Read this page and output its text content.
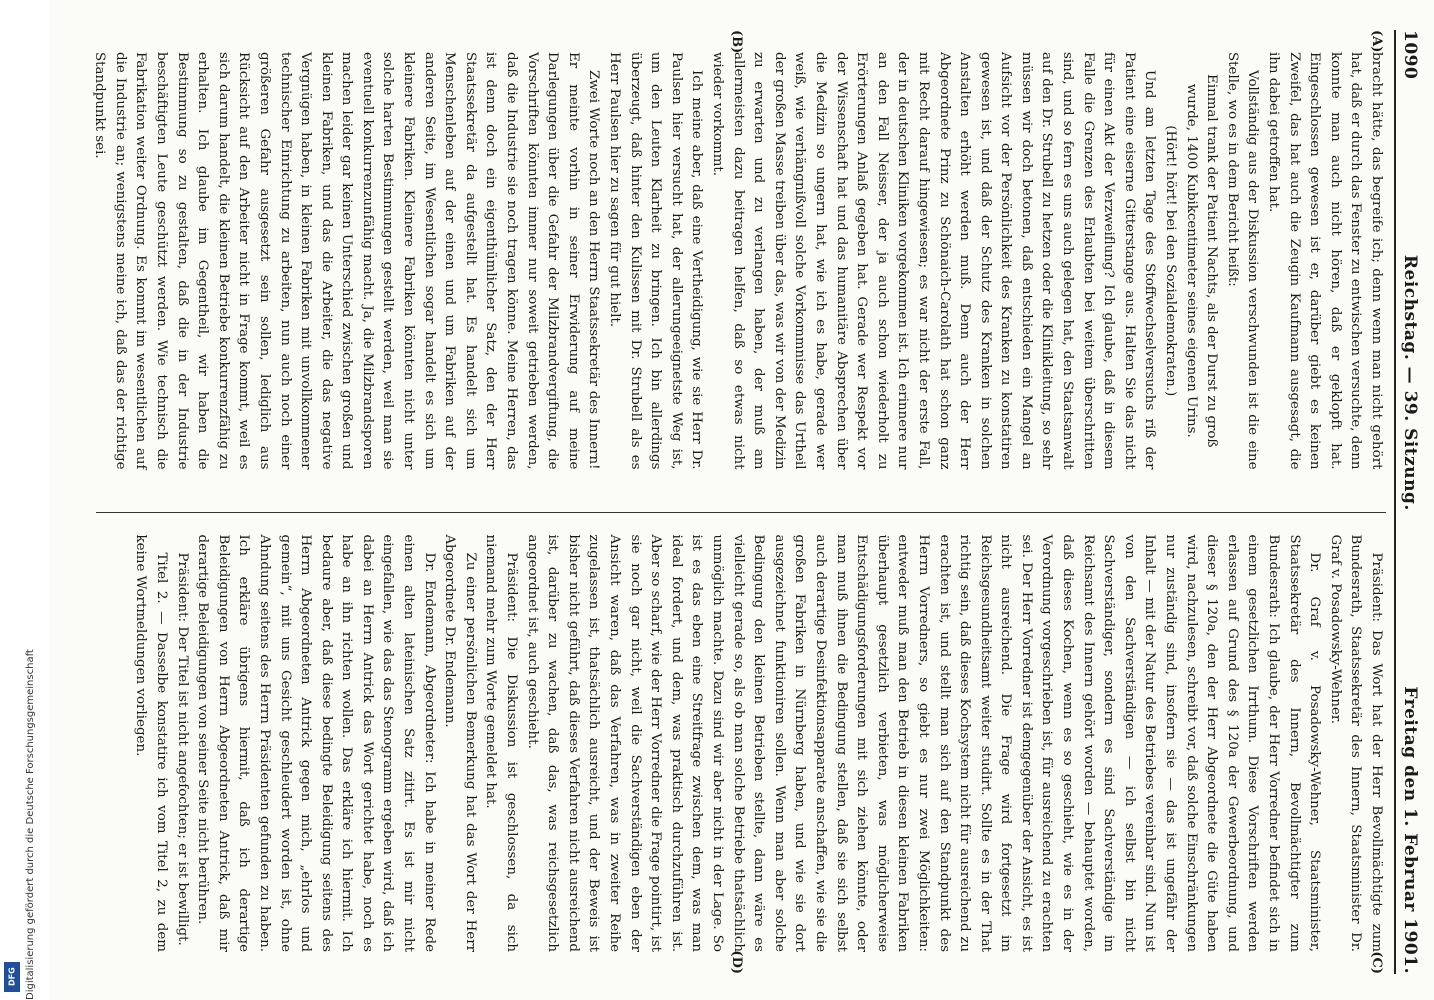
Digitalisierung gefördert durch die Deutsche Forschungsgemeinschaft
DFG
1090
Reichstag. — 39. Sitzung.
Freitag den 1. Februar 1901.
(A)
(B)

bracht hätte, das begreife ich; denn wenn man nicht gehört hat, daß er durch das Fenster zu entwischen versuchte, denn konnte man auch nicht hören, daß er geklopft hat. Eingeschlossen gewesen ist er, darüber giebt es keinen Zweifel, das hat auch die Zeugin Kaufmann ausgesagt, die ihn dabei getroffen hat.

Vollständig aus der Diskussion verschwunden ist die eine Stelle, wo es in dem Bericht heißt:

Einmal trank der Patient Nachts, als der Durst zu groß wurde, 1400 Kubikcentimeter seines eigenen Urins.

(Hört! hört! bei den Sozialdemokraten.)

Und am letzten Tage des Stoffwechselversuchs riß der Patient eine eiserne Gitterstange aus. Halten Sie das nicht für einen Akt der Verzweiflung? Ich glaube, daß in diesem Falle die Grenzen des Erlaubten bei weitem überschritten sind, und so fern es uns auch gelegen hat, den Staatsanwalt auf den Dr. Strubell zu hetzen oder die Klinikleitung, so sehr müssen wir doch betonen, daß entschieden ein Mangel an Aufsicht vor der Persönlichkeit des Kranken zu konstatiren gewesen ist, und daß der Schutz des Kranken in solchen Anstalten erhöht werden muß. Denn auch der Herr Abgeordnete Prinz zu Schönaich-Carolath hat schon ganz mit Recht darauf hingewiesen; es war nicht der erste Fall, der in deutschen Kliniken vorgekommen ist. Ich erinnere nur an den Fall Neisser, der ja auch schon wiederholt zu Erörterungen Anlaß gegeben hat. Gerade wer Respekt vor der Wissenschaft hat und das humanitäre Absprechen über die Medizin so ungern hat, wie ich es habe, gerade wer weiß, wie verhängnißvoll solche Vorkommnisse das Urtheil der großen Masse treiben über das, was wir von der Medizin zu erwarten und zu verlangen haben, der muß am allermeisten dazu beitragen helfen, daß so etwas nicht wieder vorkommt.

Ich meine aber, daß eine Vertheidigung, wie sie Herr Dr. Paulsen hier versucht hat, der allerungeeignetste Weg ist, um den Leuten Klarheit zu bringen. Ich bin allerdings überzeugt, daß hinter den Kulissen mit Dr. Strubell als es Herr Paulsen hier zu sagen für gut hielt.

Zwei Worte noch an den Herrn Staatssekretär des Innern! Er meinte vorhin in seiner Erwiderung auf meine Darlegungen über die Gefahr der Milzbrandvergiftung, die Vorschriften könnten immer nur soweit getrieben werden, daß die Industrie sie noch tragen könne. Meine Herren, das ist denn doch ein eigenthümlicher Satz, den der Herr Staatssekretär da aufgestellt hat. Es handelt sich um Menschenleben auf der einen und um Fabriken auf der anderen Seite, im Wesentlichen sogar handelt es sich um kleinere Fabriken. Kleinere Fabriken könnten nicht unter solche harten Bestimmungen gestellt werden, weil man sie eventuell konkurrenzunfähig macht. Ja, die Milzbrandsporen machen leider gar keinen Unterschied zwischen großen und kleinen Fabriken, und das die Arbeiter, die das negative Vergnügen haben, in kleinen Fabriken mit unvollkommener technischer Einrichtung zu arbeiten, nun auch noch einer größeren Gefahr ausgesetzt sein sollen, lediglich aus Rücksicht auf den Arbeiter nicht in Frage kommt, weil es sich darum handelt, die kleinen Betriebe konkurrenzfähig zu erhalten. Ich glaube im Gegentheil, wir haben die Bestimmung so zu gestalten, daß die in der Industrie beschäftigten Leute geschützt werden. Wie technisch die Fabrikation weiter Ordnung. Es kommt im wesentlichen auf die Industrie an; wenigstens meine ich, daß das der richtige Standpunkt sei.

(C)
(D)

Präsident: Das Wort hat der Herr Bevollmächtigte zum Bundesrath, Staatssekretär des Innern, Staatsminister Dr. Graf v. Posadowsky-Wehner.

Dr. Graf v. Posadowsky-Wehner, Staatsminister, Staatssekretär des Innern, Bevollmächtigter zum Bundesrath: Ich glaube, der Herr Vorredner befindet sich in einem gesetzlichen Irrthum. Diese Vorschriften werden erlassen auf Grund des § 120a der Gewerbeordnung, und dieser § 120a, den der Herr Abgeordnete die Güte haben wird, nachzulesen, schreibt vor, daß solche Einschränkungen nur zuständig sind, insofern sie — das ist ungefähr der Inhalt — mit der Natur des Betriebes vereinbar sind. Nun ist von den Sachverständigen — ich selbst bin nicht Sachverständiger, sondern es sind Sachverständige im Reichsamt des Innern gehört worden — behauptet worden, daß dieses Kochen, wenn es so geschieht, wie es in der Verordnung vorgeschrieben ist, für ausreichend zu erachten sei. Der Herr Vorredner ist demgegenüber der Ansicht, es ist nicht ausreichend. Die Frage wird fortgesetzt im Reichsgesundheitsamt weiter studirt. Sollte es in der That richtig sein, daß dieses Kochsystem nicht für ausreichend zu erachten ist, und stellt man sich auf den Standpunkt des Herrn Vorredners, so giebt es nur zwei Möglichkeiten: entweder muß man den Betrieb in diesen kleinen Fabriken überhaupt gesetzlich verbieten, was möglicherweise Entschädigungsforderungen mit sich ziehen könnte, oder man muß ihnen die Bedingung stellen, daß sie sich selbst auch derartige Desinfektionsapparate anschaffen, wie sie die großen Fabriken in Nürnberg haben, und wie sie dort ausgezeichnet funktioniren sollen. Wenn man aber solche Bedingung den kleinen Betrieben stellte, dann wäre es vielleicht gerade so, als ob man solche Betriebe thatsächlich unmöglich machte. Dazu sind wir aber nicht in der Lage. So ist es das eben eine Streitfrage zwischen dem, was man ideal fordert, und dem, was praktisch durchzuführen ist. Aber so scharf, wie der Herr Vorredner die Frage pointirt, ist sie noch gar nicht, weil die Sachverständigen eben der Ansicht waren, daß das Verfahren, was in zweiter Reihe zugelassen ist, thatsächlich ausreicht, und der Beweis ist bisher nicht geführt, daß dieses Verfahren nicht ausreichend ist, darüber zu wachen, daß das, was reichsgesetzlich angeordnet ist, auch geschieht.

Präsident: Die Diskussion ist geschlossen, da sich niemand mehr zum Worte gemeldet hat.

Zu einer persönlichen Bemerkung hat das Wort der Herr Abgeordnete Dr. Endemann.

Dr. Endemann, Abgeordneter: Ich habe in meiner Rede einen alten lateinischen Satz zitirt. Es ist mir nicht eingefallen, wie das das Stenogramm ergeben wird, daß ich dabei an Herrn Antrick das Wort gerichtet habe, noch es habe an ihn richten wollen. Das erkläre ich hiermit. Ich bedaure aber, daß diese bedingte Beleidigung seitens des Herrn Abgeordneten Antrick gegen mich, „ehrlos und gemein“, mit uns Gesicht geschleudert worden ist, ohne Ahndung seitens des Herrn Präsidenten gefunden zu haben. Ich erkläre übrigens hiermit, daß ich derartige Beleidigungen von Herrn Abgeordneten Antrick, daß mir derartige Beleidigungen von seiner Seite nicht berühren.

Präsident: Der Titel ist nicht angefochten; er ist bewilligt.

Titel 2. — Dasselbe konstatire ich vom Titel 2, zu dem keine Wortmeldungen vorliegen.
